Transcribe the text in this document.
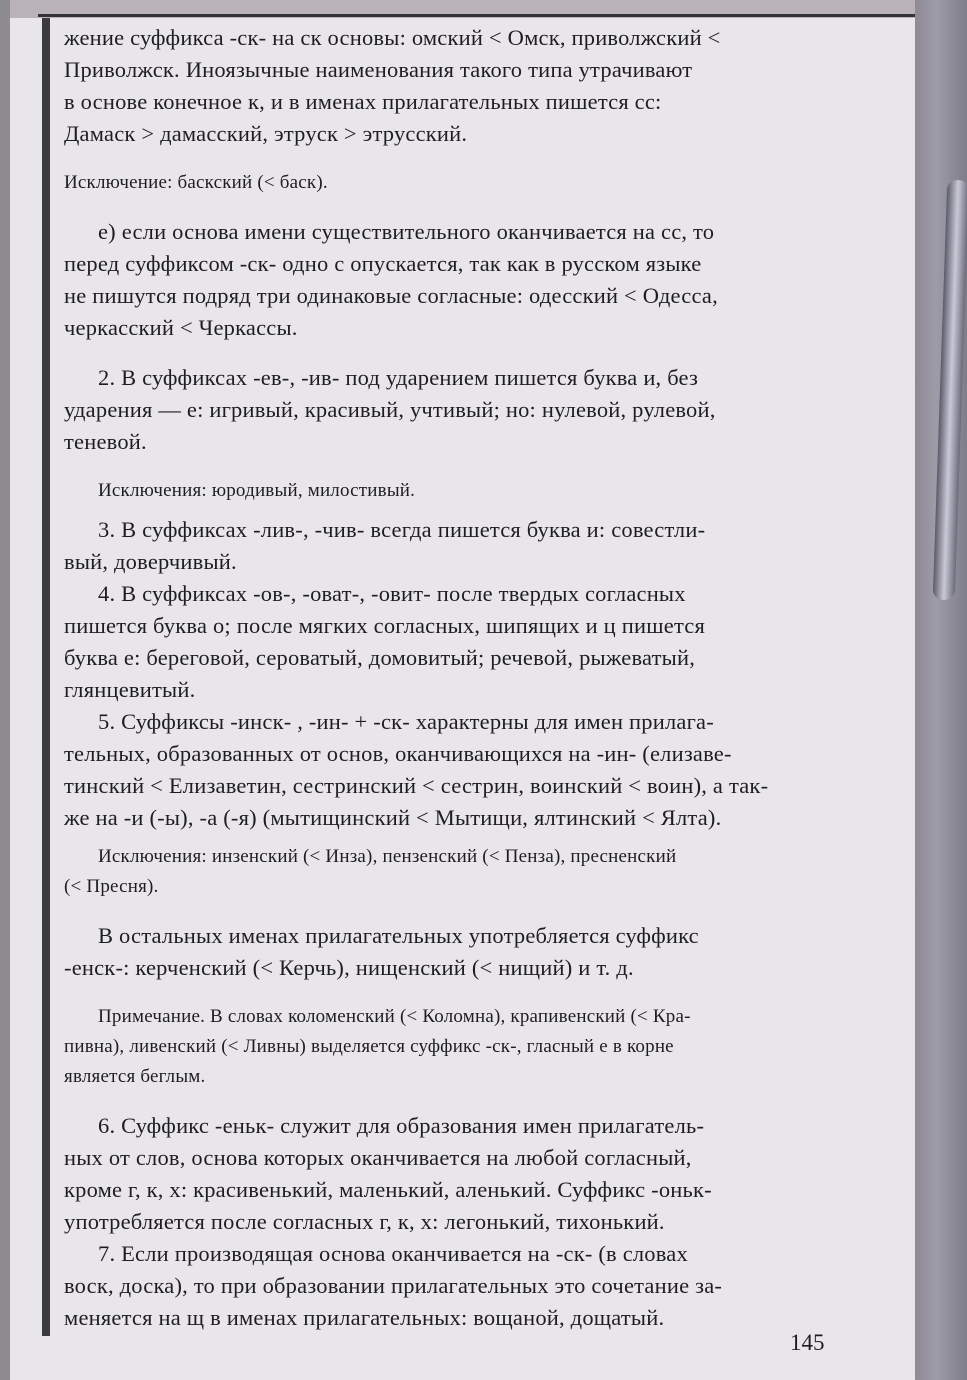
жение суффикса -ск- на ск основы: омский < Омск, приволжский <
Приволжск. Иноязычные наименования такого типа утрачивают
в основе конечное к, и в именах прилагательных пишется сс:
Дамаск > дамасский, этруск > этрусский.
Исключение: баскский (< баск).
е) если основа имени существительного оканчивается на сс, то
перед суффиксом -ск- одно с опускается, так как в русском языке
не пишутся подряд три одинаковые согласные: одесский < Одесса,
черкасский < Черкассы.
2. В суффиксах -ев-, -ив- под ударением пишется буква и, без
ударения — е: игривый, красивый, учтивый; но: нулевой, рулевой,
теневой.
Исключения: юродивый, милостивый.
3. В суффиксах -лив-, -чив- всегда пишется буква и: совестли-
вый, доверчивый.
4. В суффиксах -ов-, -оват-, -овит- после твердых согласных
пишется буква о; после мягких согласных, шипящих и ц пишется
буква е: береговой, сероватый, домовитый; речевой, рыжеватый,
глянцевитый.
5. Суффиксы -инск- , -ин- + -ск- характерны для имен прилага-
тельных, образованных от основ, оканчивающихся на -ин- (елизаве-
тинский < Елизаветин, сестринский < сестрин, воинский < воин), а так-
же на -и (-ы), -а (-я) (мытищинский < Мытищи, ялтинский < Ялта).
Исключения: инзенский (< Инза), пензенский (< Пенза), пресненский
(< Пресня).
В остальных именах прилагательных употребляется суффикс
-енск-: керченский (< Керчь), нищенский (< нищий) и т. д.
Примечание. В словах коломенский (< Коломна), крапивенский (< Кра-
пивна), ливенский (< Ливны) выделяется суффикс -ск-, гласный е в корне
является беглым.
6. Суффикс -еньк- служит для образования имен прилагатель-
ных от слов, основа которых оканчивается на любой согласный,
кроме г, к, х: красивенький, маленький, аленький. Суффикс -оньк-
употребляется после согласных г, к, х: легонький, тихонький.
7. Если производящая основа оканчивается на -ск- (в словах
воск, доска), то при образовании прилагательных это сочетание за-
меняется на щ в именах прилагательных: вощаной, дощатый.
145
